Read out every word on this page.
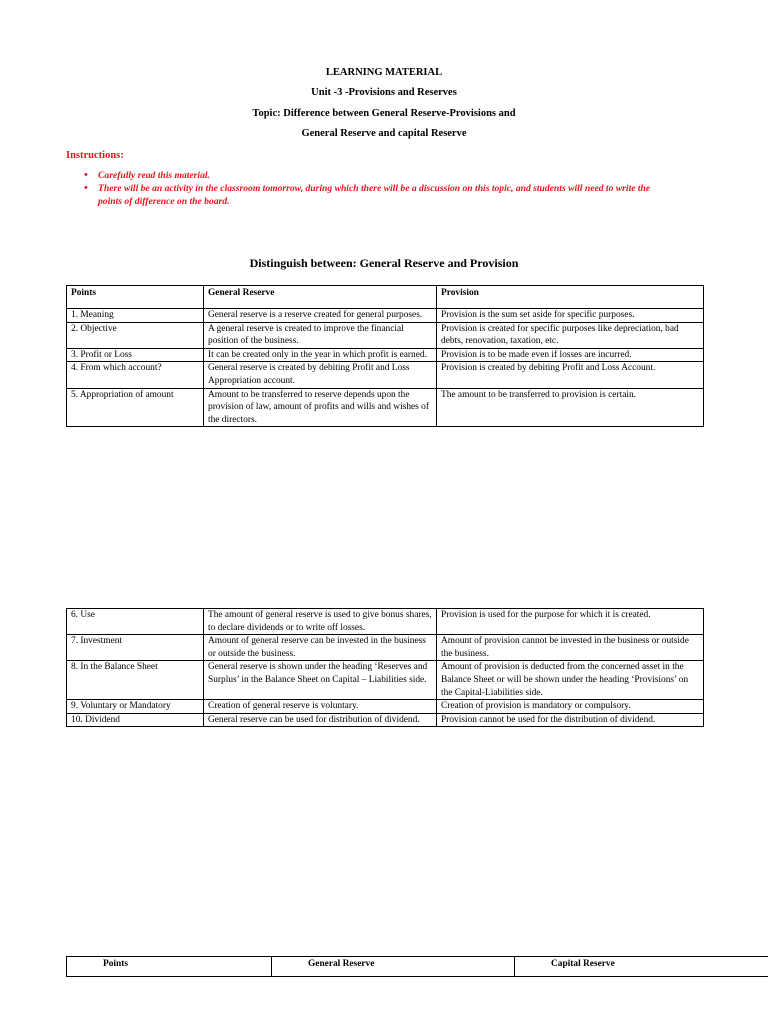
LEARNING MATERIAL
Unit -3 -Provisions and Reserves
Topic: Difference between General Reserve-Provisions and
General Reserve and capital Reserve
Instructions:
• Carefully read this material.
• There will be an activity in the classroom tomorrow, during which there will be a discussion on this topic, and students will need to write the points of difference on the board.
Distinguish between: General Reserve and Provision
Points	General Reserve	Provision
1. Meaning	General reserve is a reserve created for general purposes.	Provision is the sum set aside for specific purposes.
2. Objective	A general reserve is created to improve the financial position of the business.	Provision is created for specific purposes like depreciation, bad debts, renovation, taxation, etc.
3. Profit or Loss	It can be created only in the year in which profit is earned.	Provision is to be made even if losses are incurred.
4. From which account?	General reserve is created by debiting Profit and Loss Appropriation account.	Provision is created by debiting Profit and Loss Account.
5. Appropriation of amount	Amount to be transferred to reserve depends upon the provision of law, amount of profits and wills and wishes of the directors.	The amount to be transferred to provision is certain.
6. Use	The amount of general reserve is used to give bonus shares, to declare dividends or to write off losses.	Provision is used for the purpose for which it is created.
7. Investment	Amount of general reserve can be invested in the business or outside the business.	Amount of provision cannot be invested in the business or outside the business.
8. In the Balance Sheet	General reserve is shown under the heading ‘Reserves and Surplus’ in the Balance Sheet on Capital – Liabilities side.	Amount of provision is deducted from the concerned asset in the Balance Sheet or will be shown under the heading ‘Provisions’ on the Capital-Liabilities side.
9. Voluntary or Mandatory	Creation of general reserve is voluntary.	Creation of provision is mandatory or compulsory.
10. Dividend	General reserve can be used for distribution of dividend.	Provision cannot be used for the distribution of dividend.
Points	General Reserve	Capital Reserve
